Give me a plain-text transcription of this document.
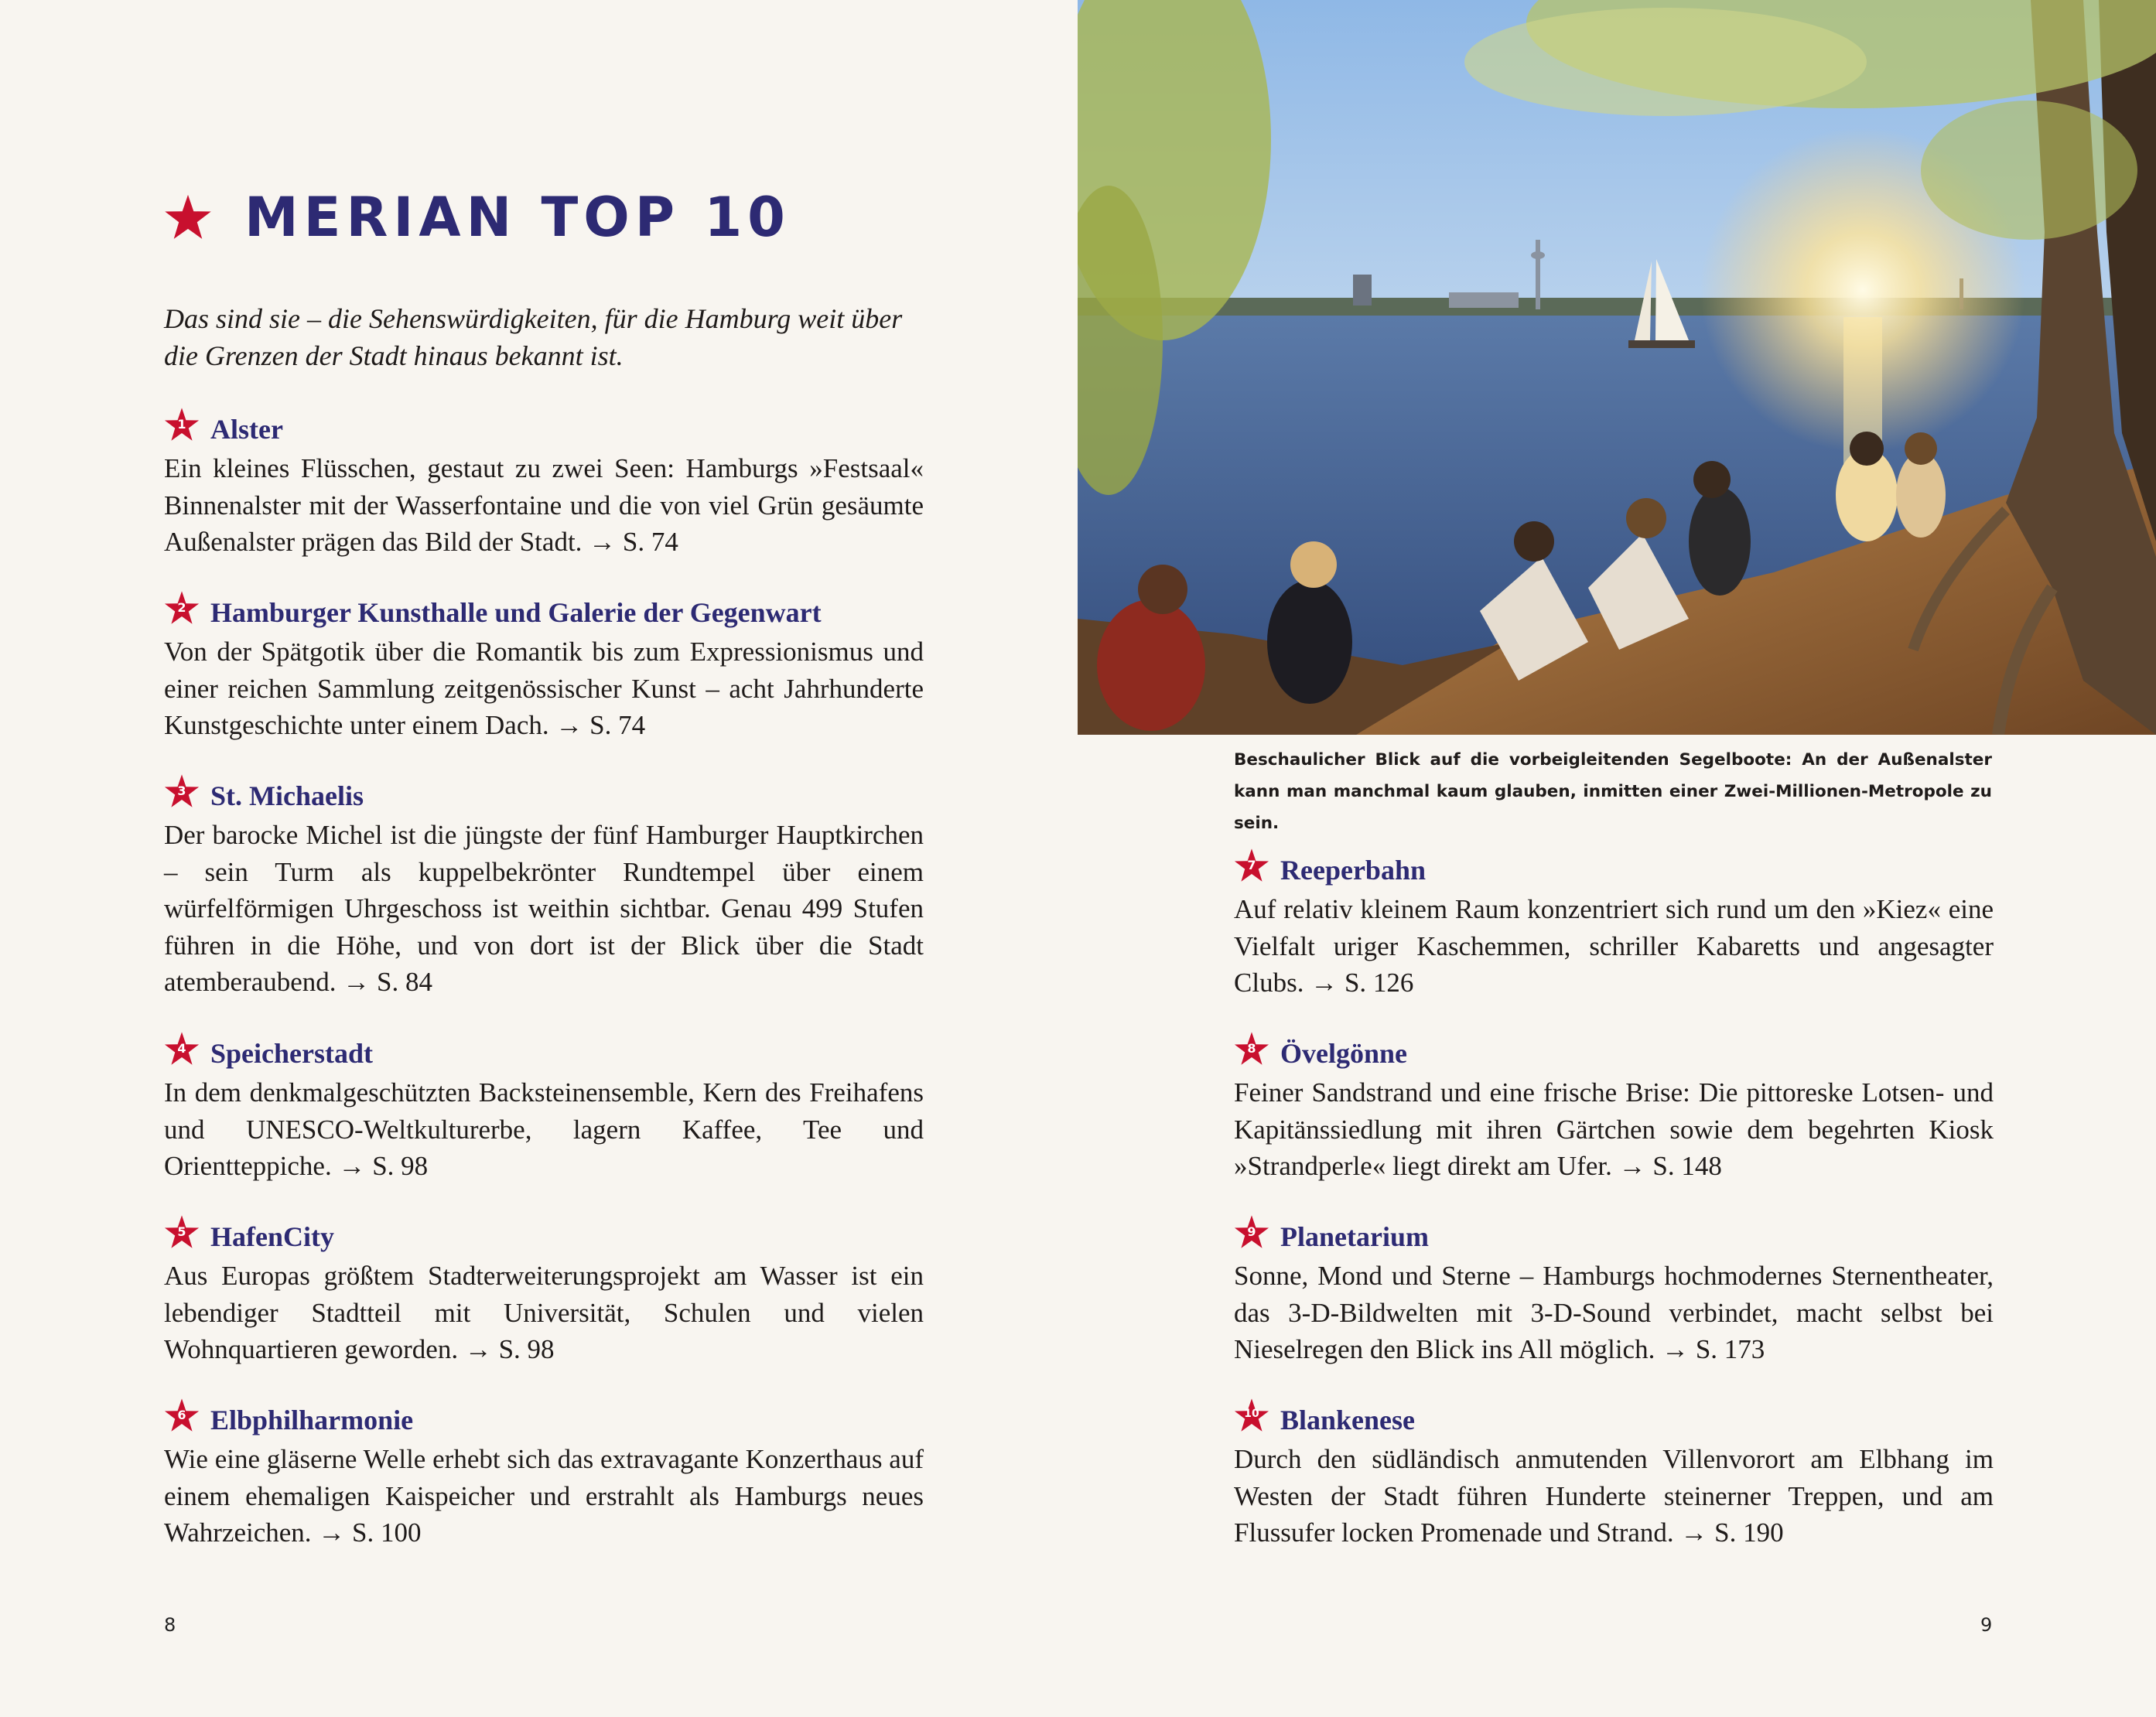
MERIAN TOP 10
Das sind sie – die Sehenswürdigkeiten, für die Hamburg weit über die Grenzen der Stadt hinaus bekannt ist.
1 Alster
Ein kleines Flüsschen, gestaut zu zwei Seen: Hamburgs »Festsaal« Binnenalster mit der Wasserfontaine und die von viel Grün gesäumte Außenalster prägen das Bild der Stadt. → S. 74
2 Hamburger Kunsthalle und Galerie der Gegenwart
Von der Spätgotik über die Romantik bis zum Expressionismus und einer reichen Sammlung zeitgenössischer Kunst – acht Jahrhunderte Kunstgeschichte unter einem Dach. → S. 74
3 St. Michaelis
Der barocke Michel ist die jüngste der fünf Hamburger Hauptkirchen – sein Turm als kuppelbekrönter Rundtempel über einem würfelförmigen Uhrgeschoss ist weithin sichtbar. Genau 499 Stufen führen in die Höhe, und von dort ist der Blick über die Stadt atemberaubend. → S. 84
4 Speicherstadt
In dem denkmalgeschützten Backsteinensemble, Kern des Freihafens und UNESCO-Weltkulturerbe, lagern Kaffee, Tee und Orientteppiche. → S. 98
5 HafenCity
Aus Europas größtem Stadterweiterungsprojekt am Wasser ist ein lebendiger Stadtteil mit Universität, Schulen und vielen Wohnquartieren geworden. → S. 98
6 Elbphilharmonie
Wie eine gläserne Welle erhebt sich das extravagante Konzerthaus auf einem ehemaligen Kaispeicher und erstrahlt als Hamburgs neues Wahrzeichen. → S. 100
Beschaulicher Blick auf die vorbeigleitenden Segelboote: An der Außenalster kann man manchmal kaum glauben, inmitten einer Zwei-Millionen-Metropole zu sein.
7 Reeperbahn
Auf relativ kleinem Raum konzentriert sich rund um den »Kiez« eine Vielfalt uriger Kaschemmen, schriller Kabaretts und angesagter Clubs. → S. 126
8 Övelgönne
Feiner Sandstrand und eine frische Brise: Die pittoreske Lotsen- und Kapitänssiedlung mit ihren Gärtchen sowie dem begehrten Kiosk »Strandperle« liegt direkt am Ufer. → S. 148
9 Planetarium
Sonne, Mond und Sterne – Hamburgs hochmodernes Sternentheater, das 3-D-Bildwelten mit 3-D-Sound verbindet, macht selbst bei Nieselregen den Blick ins All möglich. → S. 173
10 Blankenese
Durch den südländisch anmutenden Villenvorort am Elbhang im Westen der Stadt führen Hunderte steinerner Treppen, und am Flussufer locken Promenade und Strand. → S. 190
8	9
